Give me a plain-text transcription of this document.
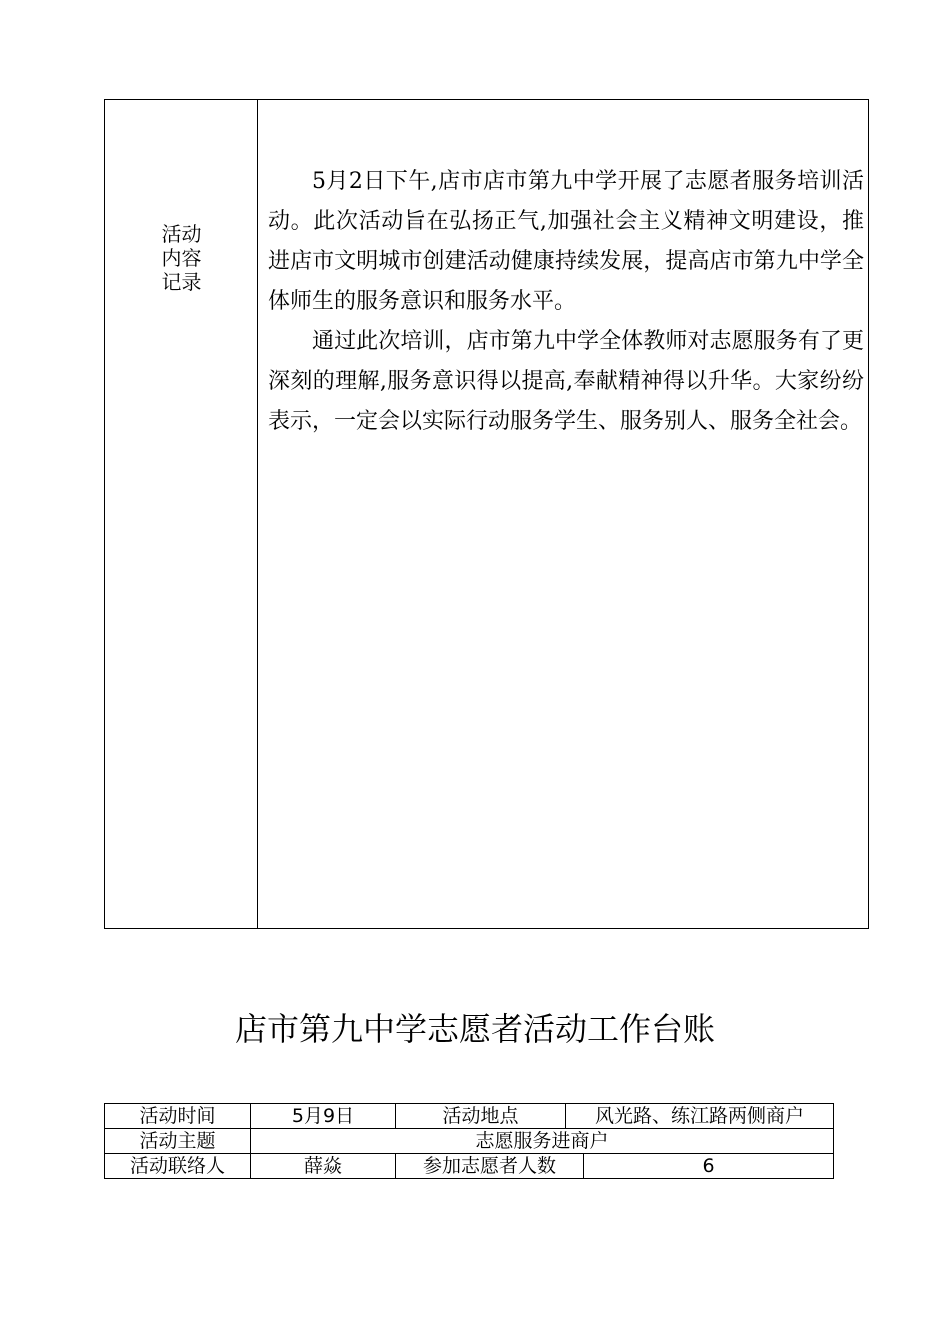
活动
内容
记录

5月2日下午,店市店市第九中学开展了志愿者服务培训活动。此次活动旨在弘扬正气,加强社会主义精神文明建设，推进店市文明城市创建活动健康持续发展，提高店市第九中学全体师生的服务意识和服务水平。

通过此次培训，店市第九中学全体教师对志愿服务有了更深刻的理解,服务意识得以提高,奉献精神得以升华。大家纷纷表示，一定会以实际行动服务学生、服务别人、服务全社会。

店市第九中学志愿者活动工作台账
活动时间	5月9日	活动地点	风光路、练江路两侧商户	
活动主题	志愿服务进商户			
活动联络人	薛焱	参加志愿者人数		6
